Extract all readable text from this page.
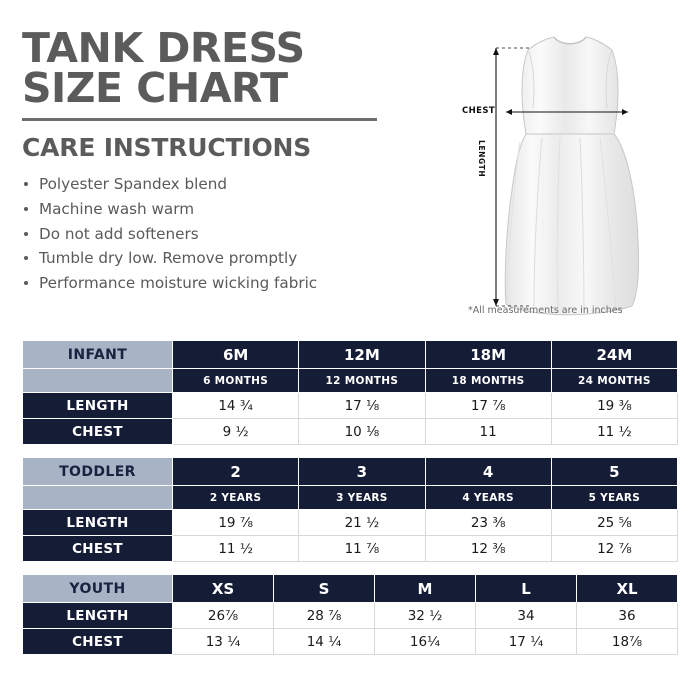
TANK DRESS
SIZE CHART
CARE INSTRUCTIONS
Polyester Spandex blend
Machine wash warm
Do not add softeners
Tumble dry low. Remove promptly
Performance moisture wicking fabric
CHEST
LENGTH
*All measurements are in inches
INFANT	6M	12M	18M	24M
	6 MONTHS	12 MONTHS	18 MONTHS	24 MONTHS
LENGTH	14 ¾	17 ⅛	17 ⅞	19 ⅜
CHEST	9 ½	10 ⅛	11	11 ½
TODDLER	2	3	4	5
	2 YEARS	3 YEARS	4 YEARS	5 YEARS
LENGTH	19 ⅞	21 ½	23 ⅜	25 ⅝
CHEST	11 ½	11 ⅞	12 ⅜	12 ⅞
YOUTH	XS	S	M	L	XL
LENGTH	26⅞	28 ⅞	32 ½	34	36
CHEST	13 ¼	14 ¼	16¼	17 ¼	18⅞
